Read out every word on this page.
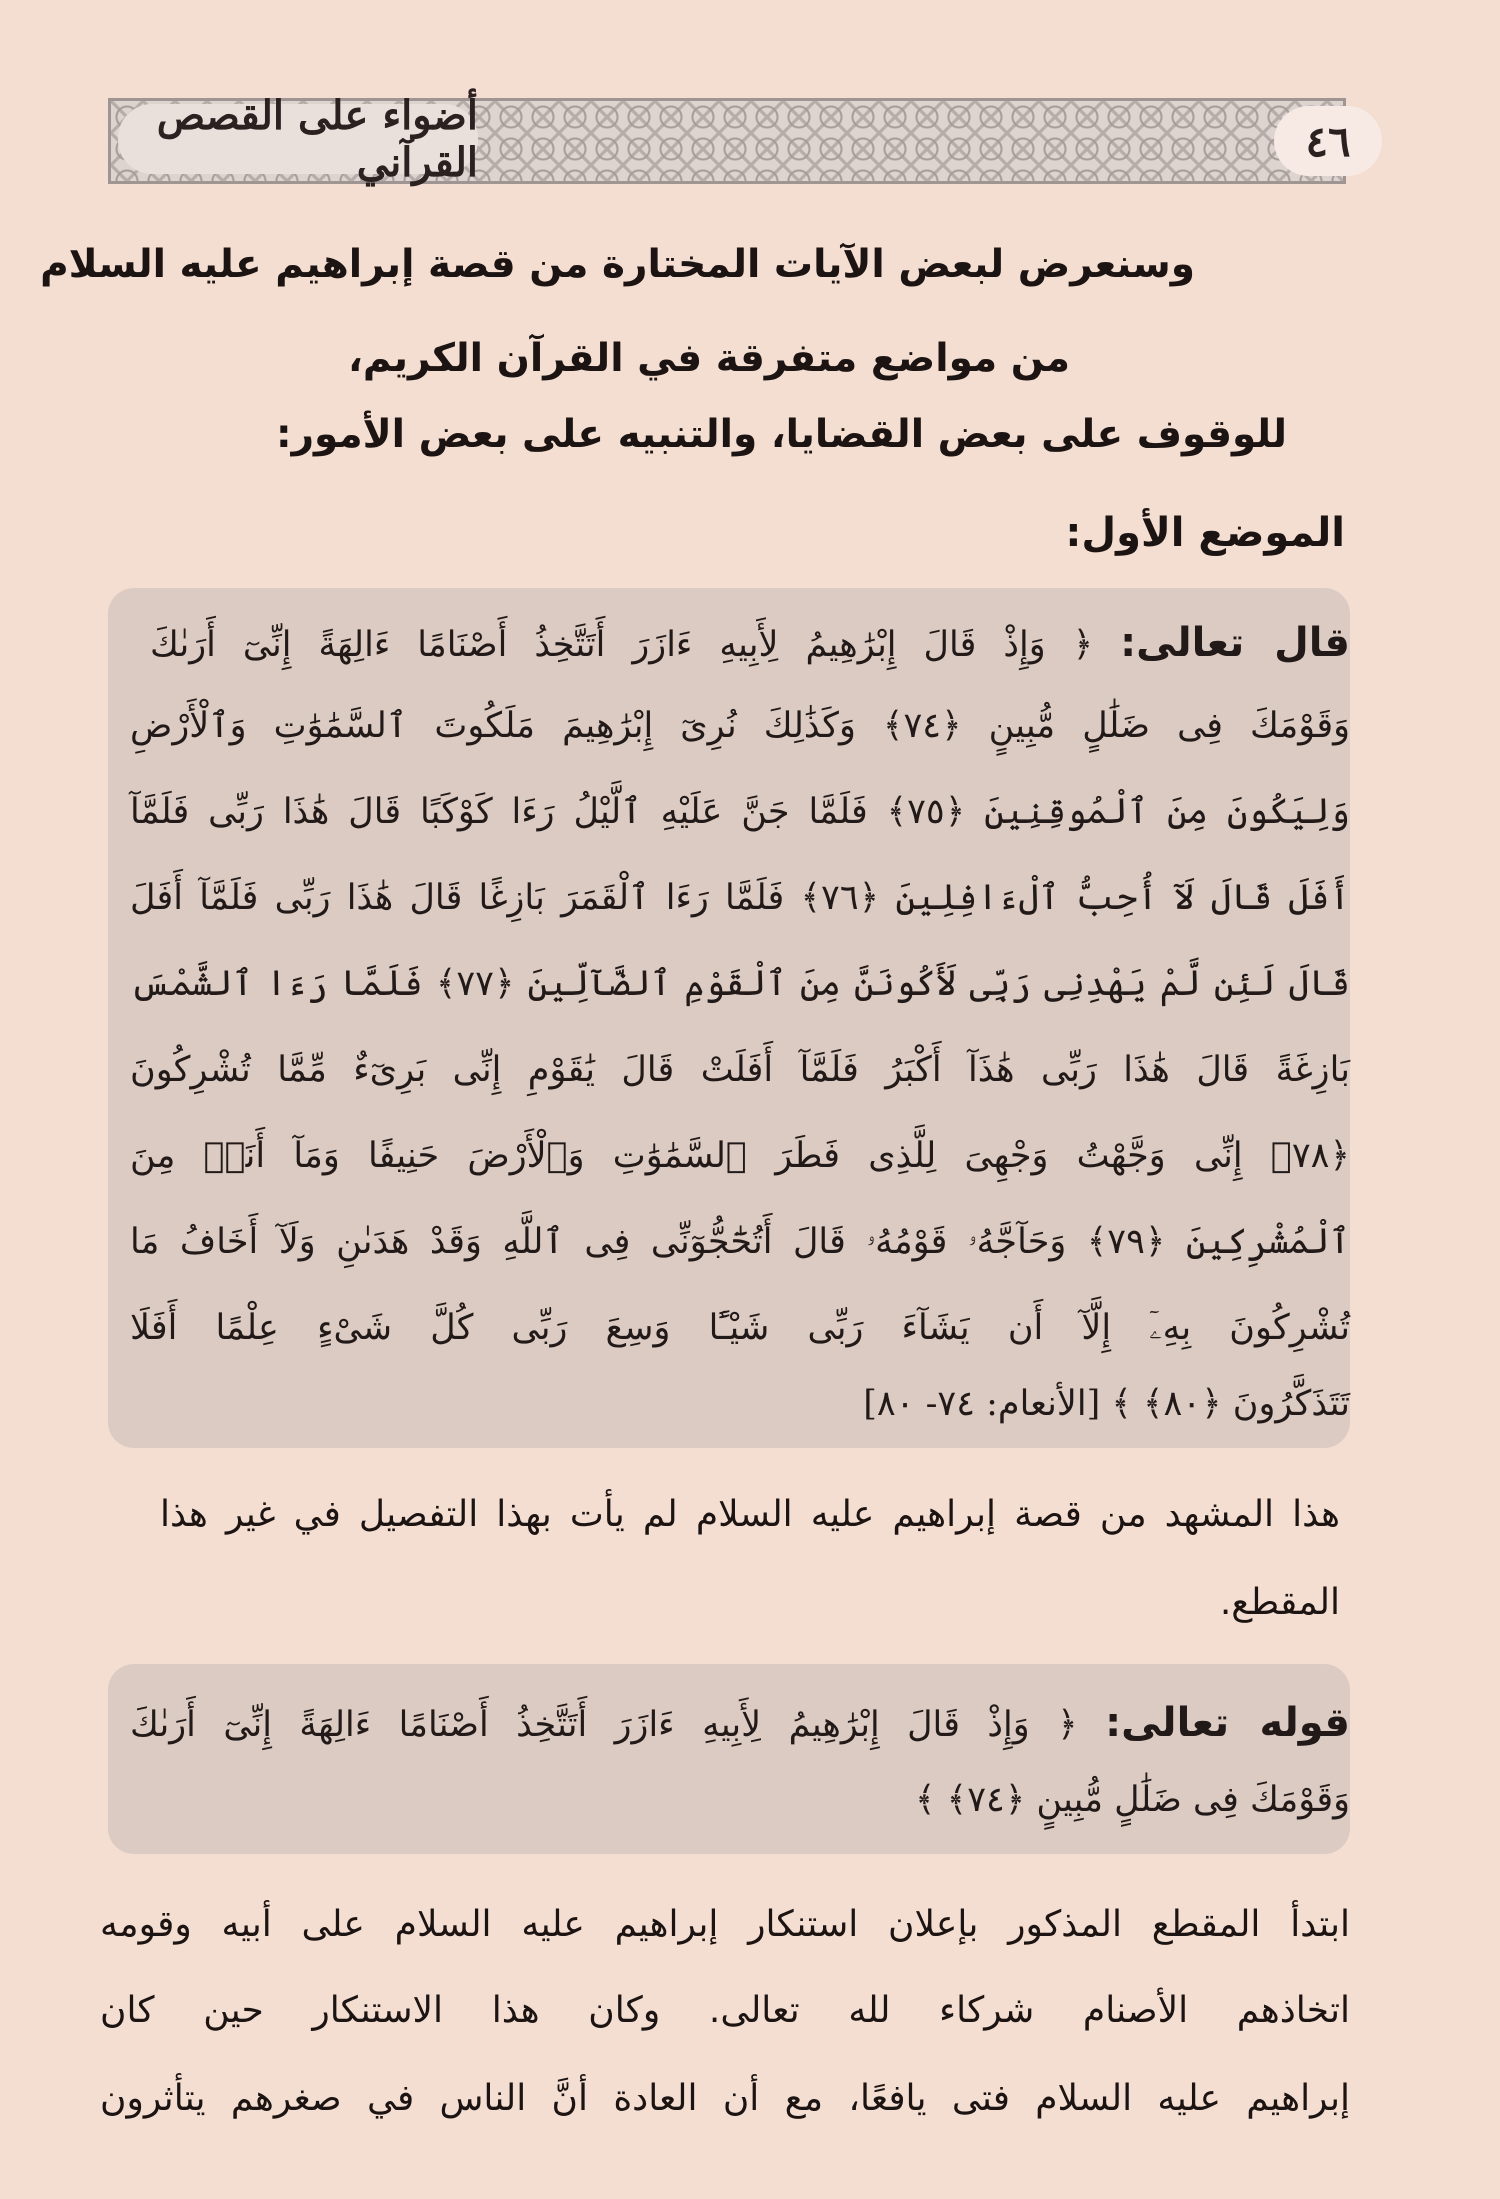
أضواء على القصص القرآني	٤٦
وسنعرض لبعض الآيات المختارة من قصة إبراهيم عليه السلام
من مواضع متفرقة في القرآن الكريم،
للوقوف على بعض القضايا، والتنبيه على بعض الأمور:
الموضع الأول:
قال تعالى: ﴿ وَإِذْ قَالَ إِبْرَٰهِيمُ لِأَبِيهِ ءَازَرَ أَتَتَّخِذُ أَصْنَامًا ءَالِهَةً إِنِّىٓ أَرَىٰكَ
وَقَوْمَكَ فِى ضَلَٰلٍ مُّبِينٍ ﴿٧٤﴾ وَكَذَٰلِكَ نُرِىٓ إِبْرَٰهِيمَ مَلَكُوتَ ٱلسَّمَٰوَٰتِ وَٱلْأَرْضِ
وَلِيَكُونَ مِنَ ٱلْمُوقِنِينَ ﴿٧٥﴾ فَلَمَّا جَنَّ عَلَيْهِ ٱلَّيْلُ رَءَا كَوْكَبًا قَالَ هَٰذَا رَبِّى فَلَمَّآ
أَفَلَ قَالَ لَآ أُحِبُّ ٱلْءَافِلِينَ ﴿٧٦﴾ فَلَمَّا رَءَا ٱلْقَمَرَ بَازِغًا قَالَ هَٰذَا رَبِّى فَلَمَّآ أَفَلَ
قَالَ لَئِن لَّمْ يَهْدِنِى رَبِّى لَأَكُونَنَّ مِنَ ٱلْقَوْمِ ٱلضَّآلِّينَ ﴿٧٧﴾ فَلَمَّا رَءَا ٱلشَّمْسَ
بَازِغَةً قَالَ هَٰذَا رَبِّى هَٰذَآ أَكْبَرُ فَلَمَّآ أَفَلَتْ قَالَ يَٰقَوْمِ إِنِّى بَرِىٓءٌ مِّمَّا تُشْرِكُونَ
﴿٧٨﴾ إِنِّى وَجَّهْتُ وَجْهِىَ لِلَّذِى فَطَرَ ٱلسَّمَٰوَٰتِ وَٱلْأَرْضَ حَنِيفًا وَمَآ أَنَا۠ مِنَ
ٱلْمُشْرِكِينَ ﴿٧٩﴾ وَحَآجَّهُۥ قَوْمُهُۥ قَالَ أَتُحَٰٓجُّوٓنِّى فِى ٱللَّهِ وَقَدْ هَدَىٰنِ وَلَآ أَخَافُ مَا
تُشْرِكُونَ بِهِۦٓ إِلَّآ أَن يَشَآءَ رَبِّى شَيْـًٔا وَسِعَ رَبِّى كُلَّ شَىْءٍ عِلْمًا أَفَلَا
تَتَذَكَّرُونَ ﴿٨٠﴾ ﴾ [الأنعام: ٧٤- ٨٠]
هذا المشهد من قصة إبراهيم عليه السلام لم يأت بهذا التفصيل في غير هذا
المقطع.
قوله تعالى: ﴿ وَإِذْ قَالَ إِبْرَٰهِيمُ لِأَبِيهِ ءَازَرَ أَتَتَّخِذُ أَصْنَامًا ءَالِهَةً إِنِّىٓ أَرَىٰكَ
وَقَوْمَكَ فِى ضَلَٰلٍ مُّبِينٍ ﴿٧٤﴾ ﴾
ابتدأ المقطع المذكور بإعلان استنكار إبراهيم عليه السلام على أبيه وقومه
اتخاذهم الأصنام شركاء لله تعالى. وكان هذا الاستنكار حين كان
إبراهيم عليه السلام فتى يافعًا، مع أن العادة أنَّ الناس في صغرهم يتأثرون
